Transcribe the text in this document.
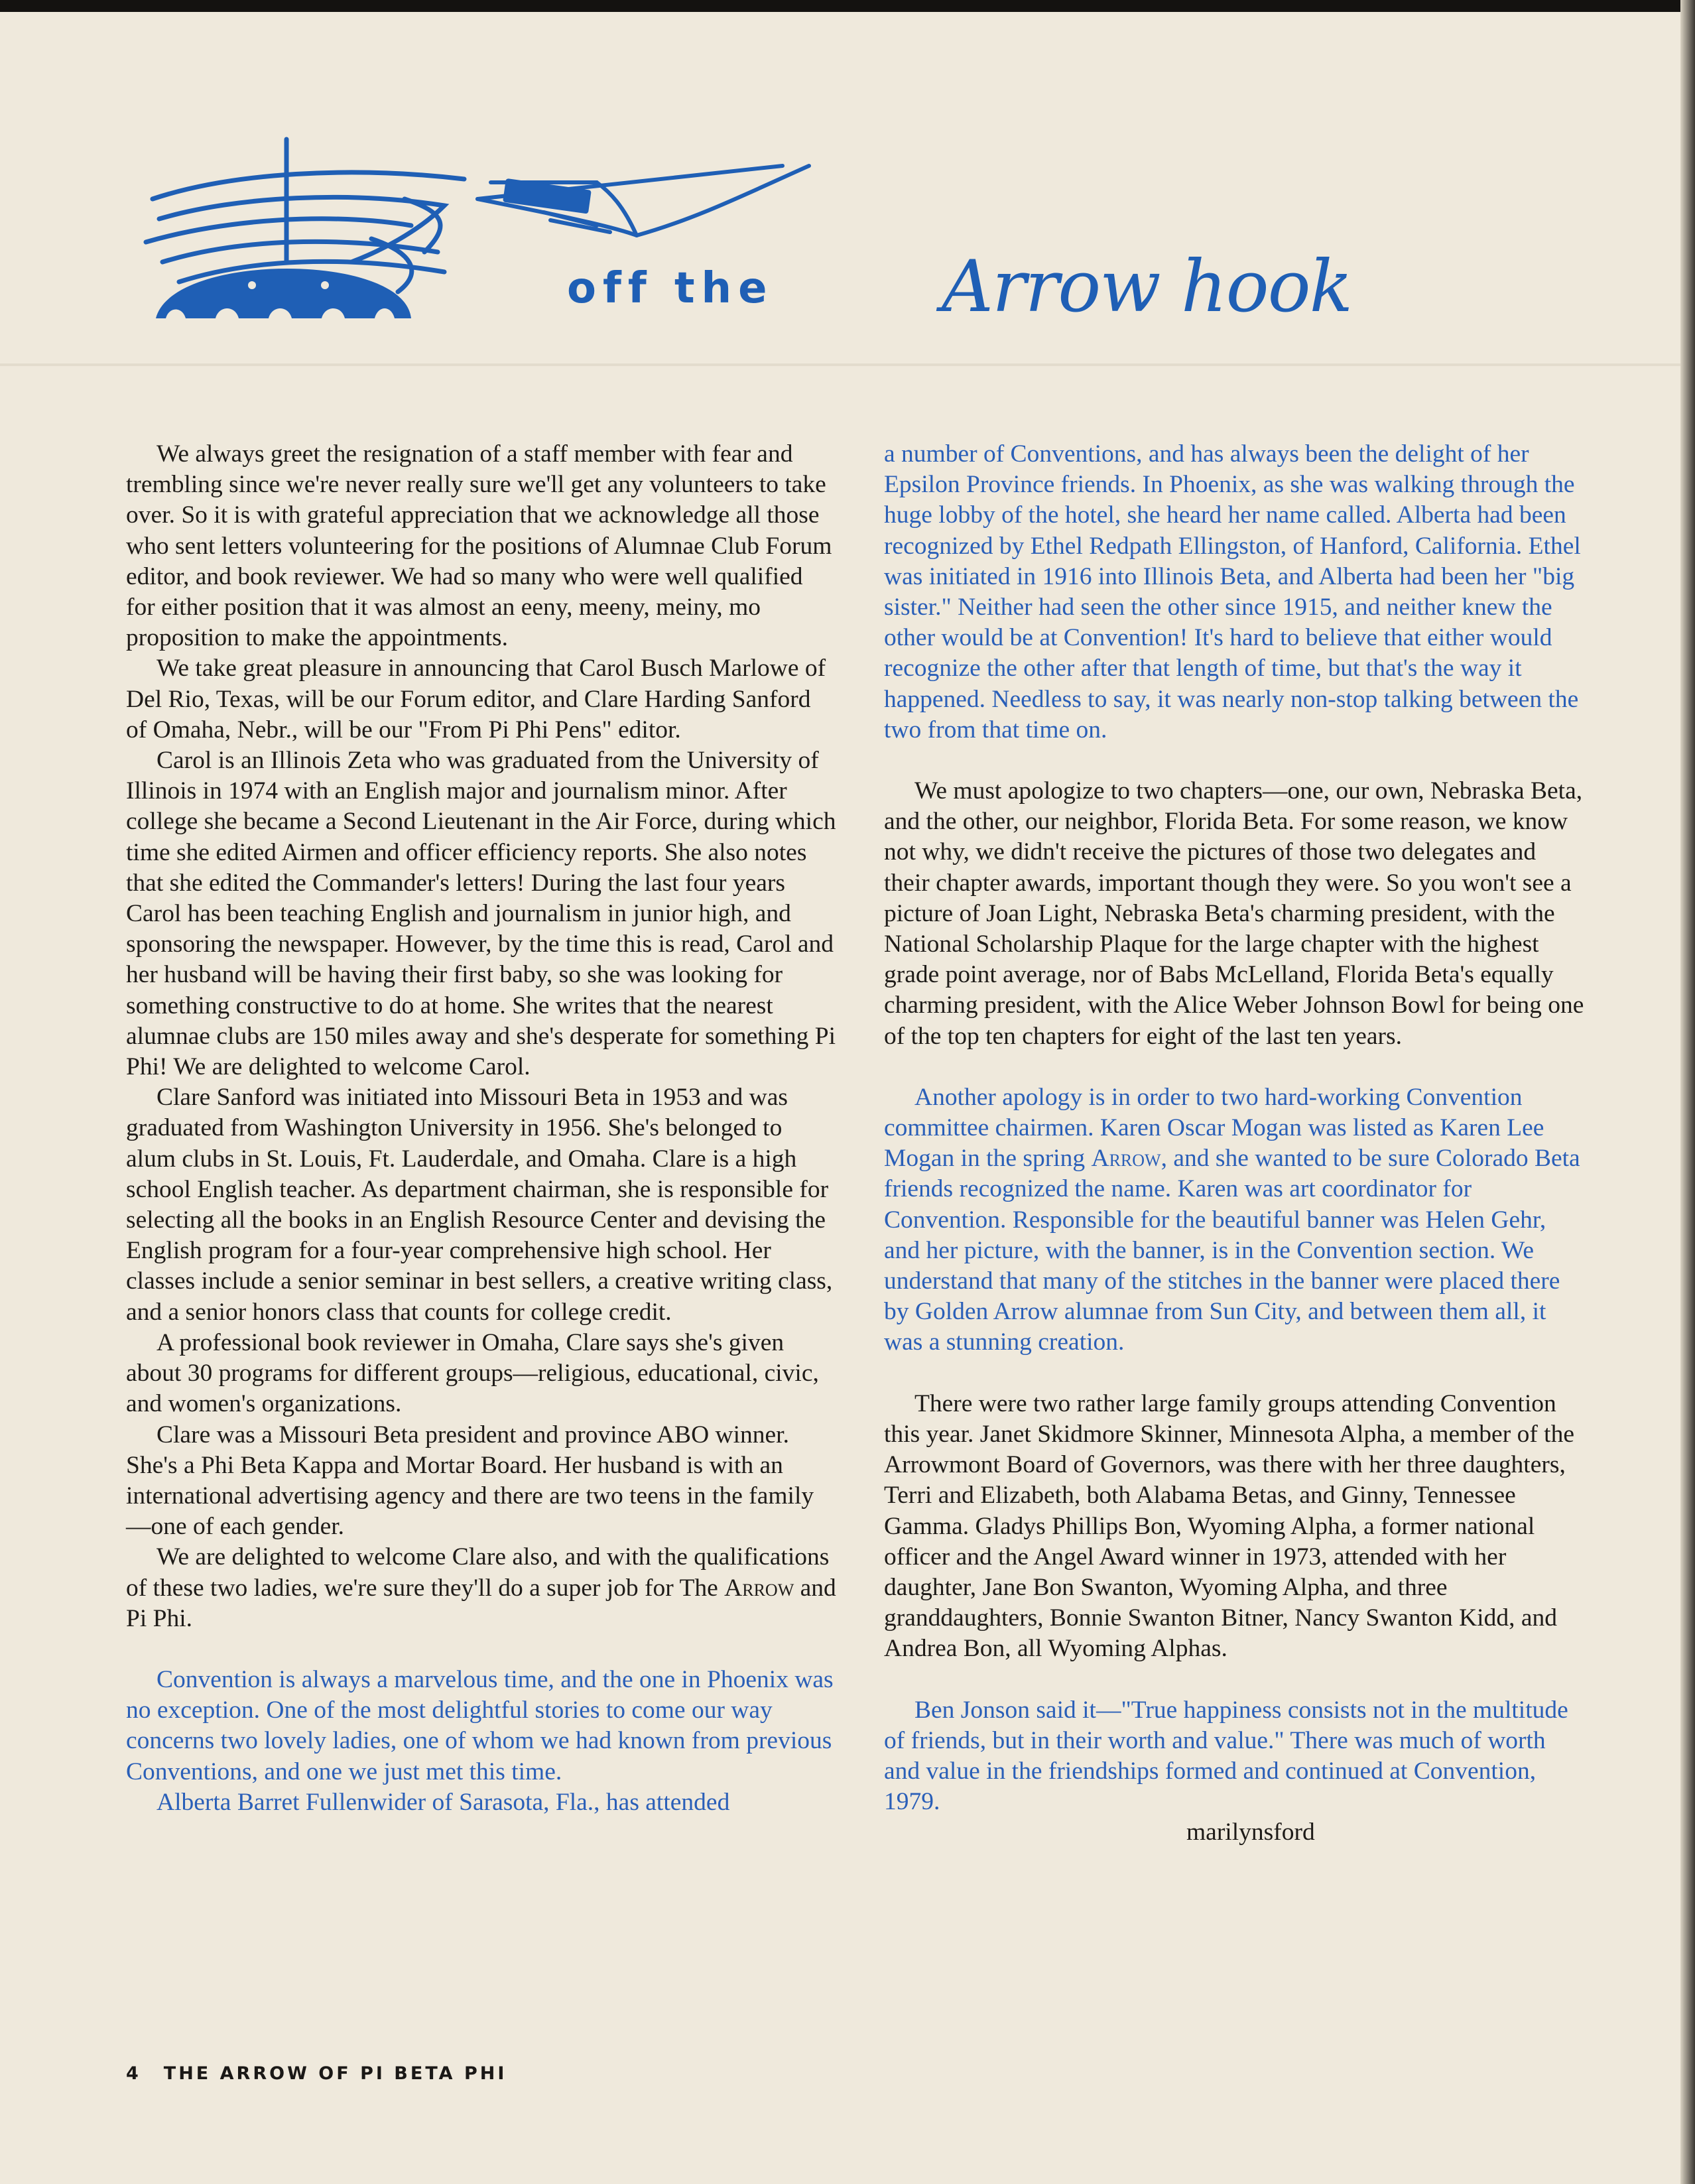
off the Arrow hook

We always greet the resignation of a staff member with fear and trembling since we're never really sure we'll get any volunteers to take over. So it is with grateful appreciation that we acknowledge all those who sent letters volunteering for the positions of Alumnae Club Forum editor, and book reviewer. We had so many who were well qualified for either position that it was almost an eeny, meeny, meiny, mo proposition to make the appointments.

We take great pleasure in announcing that Carol Busch Marlowe of Del Rio, Texas, will be our Forum editor, and Clare Harding Sanford of Omaha, Nebr., will be our "From Pi Phi Pens" editor.

Carol is an Illinois Zeta who was graduated from the University of Illinois in 1974 with an English major and journalism minor. After college she became a Second Lieutenant in the Air Force, during which time she edited Airmen and officer efficiency reports. She also notes that she edited the Commander's letters! During the last four years Carol has been teaching English and journalism in junior high, and sponsoring the newspaper. However, by the time this is read, Carol and her husband will be having their first baby, so she was looking for something constructive to do at home. She writes that the nearest alumnae clubs are 150 miles away and she's desperate for something Pi Phi! We are delighted to welcome Carol.

Clare Sanford was initiated into Missouri Beta in 1953 and was graduated from Washington University in 1956. She's belonged to alum clubs in St. Louis, Ft. Lauderdale, and Omaha. Clare is a high school English teacher. As department chairman, she is responsible for selecting all the books in an English Resource Center and devising the English program for a four-year comprehensive high school. Her classes include a senior seminar in best sellers, a creative writing class, and a senior honors class that counts for college credit.

A professional book reviewer in Omaha, Clare says she's given about 30 programs for different groups—religious, educational, civic, and women's organizations.

Clare was a Missouri Beta president and province ABO winner. She's a Phi Beta Kappa and Mortar Board. Her husband is with an international advertising agency and there are two teens in the family—one of each gender.

We are delighted to welcome Clare also, and with the qualifications of these two ladies, we're sure they'll do a super job for The Arrow and Pi Phi.

Convention is always a marvelous time, and the one in Phoenix was no exception. One of the most delightful stories to come our way concerns two lovely ladies, one of whom we had known from previous Conventions, and one we just met this time.

Alberta Barret Fullenwider of Sarasota, Fla., has attended

a number of Conventions, and has always been the delight of her Epsilon Province friends. In Phoenix, as she was walking through the huge lobby of the hotel, she heard her name called. Alberta had been recognized by Ethel Redpath Ellingston, of Hanford, California. Ethel was initiated in 1916 into Illinois Beta, and Alberta had been her "big sister." Neither had seen the other since 1915, and neither knew the other would be at Convention! It's hard to believe that either would recognize the other after that length of time, but that's the way it happened. Needless to say, it was nearly non-stop talking between the two from that time on.

We must apologize to two chapters—one, our own, Nebraska Beta, and the other, our neighbor, Florida Beta. For some reason, we know not why, we didn't receive the pictures of those two delegates and their chapter awards, important though they were. So you won't see a picture of Joan Light, Nebraska Beta's charming president, with the National Scholarship Plaque for the large chapter with the highest grade point average, nor of Babs McLelland, Florida Beta's equally charming president, with the Alice Weber Johnson Bowl for being one of the top ten chapters for eight of the last ten years.

Another apology is in order to two hard-working Convention committee chairmen. Karen Oscar Mogan was listed as Karen Lee Mogan in the spring Arrow, and she wanted to be sure Colorado Beta friends recognized the name. Karen was art coordinator for Convention. Responsible for the beautiful banner was Helen Gehr, and her picture, with the banner, is in the Convention section. We understand that many of the stitches in the banner were placed there by Golden Arrow alumnae from Sun City, and between them all, it was a stunning creation.

There were two rather large family groups attending Convention this year. Janet Skidmore Skinner, Minnesota Alpha, a member of the Arrowmont Board of Governors, was there with her three daughters, Terri and Elizabeth, both Alabama Betas, and Ginny, Tennessee Gamma. Gladys Phillips Bon, Wyoming Alpha, a former national officer and the Angel Award winner in 1973, attended with her daughter, Jane Bon Swanton, Wyoming Alpha, and three granddaughters, Bonnie Swanton Bitner, Nancy Swanton Kidd, and Andrea Bon, all Wyoming Alphas.

Ben Jonson said it—"True happiness consists not in the multitude of friends, but in their worth and value." There was much of worth and value in the friendships formed and continued at Convention, 1979.

marilynsford

4 THE ARROW OF PI BETA PHI
